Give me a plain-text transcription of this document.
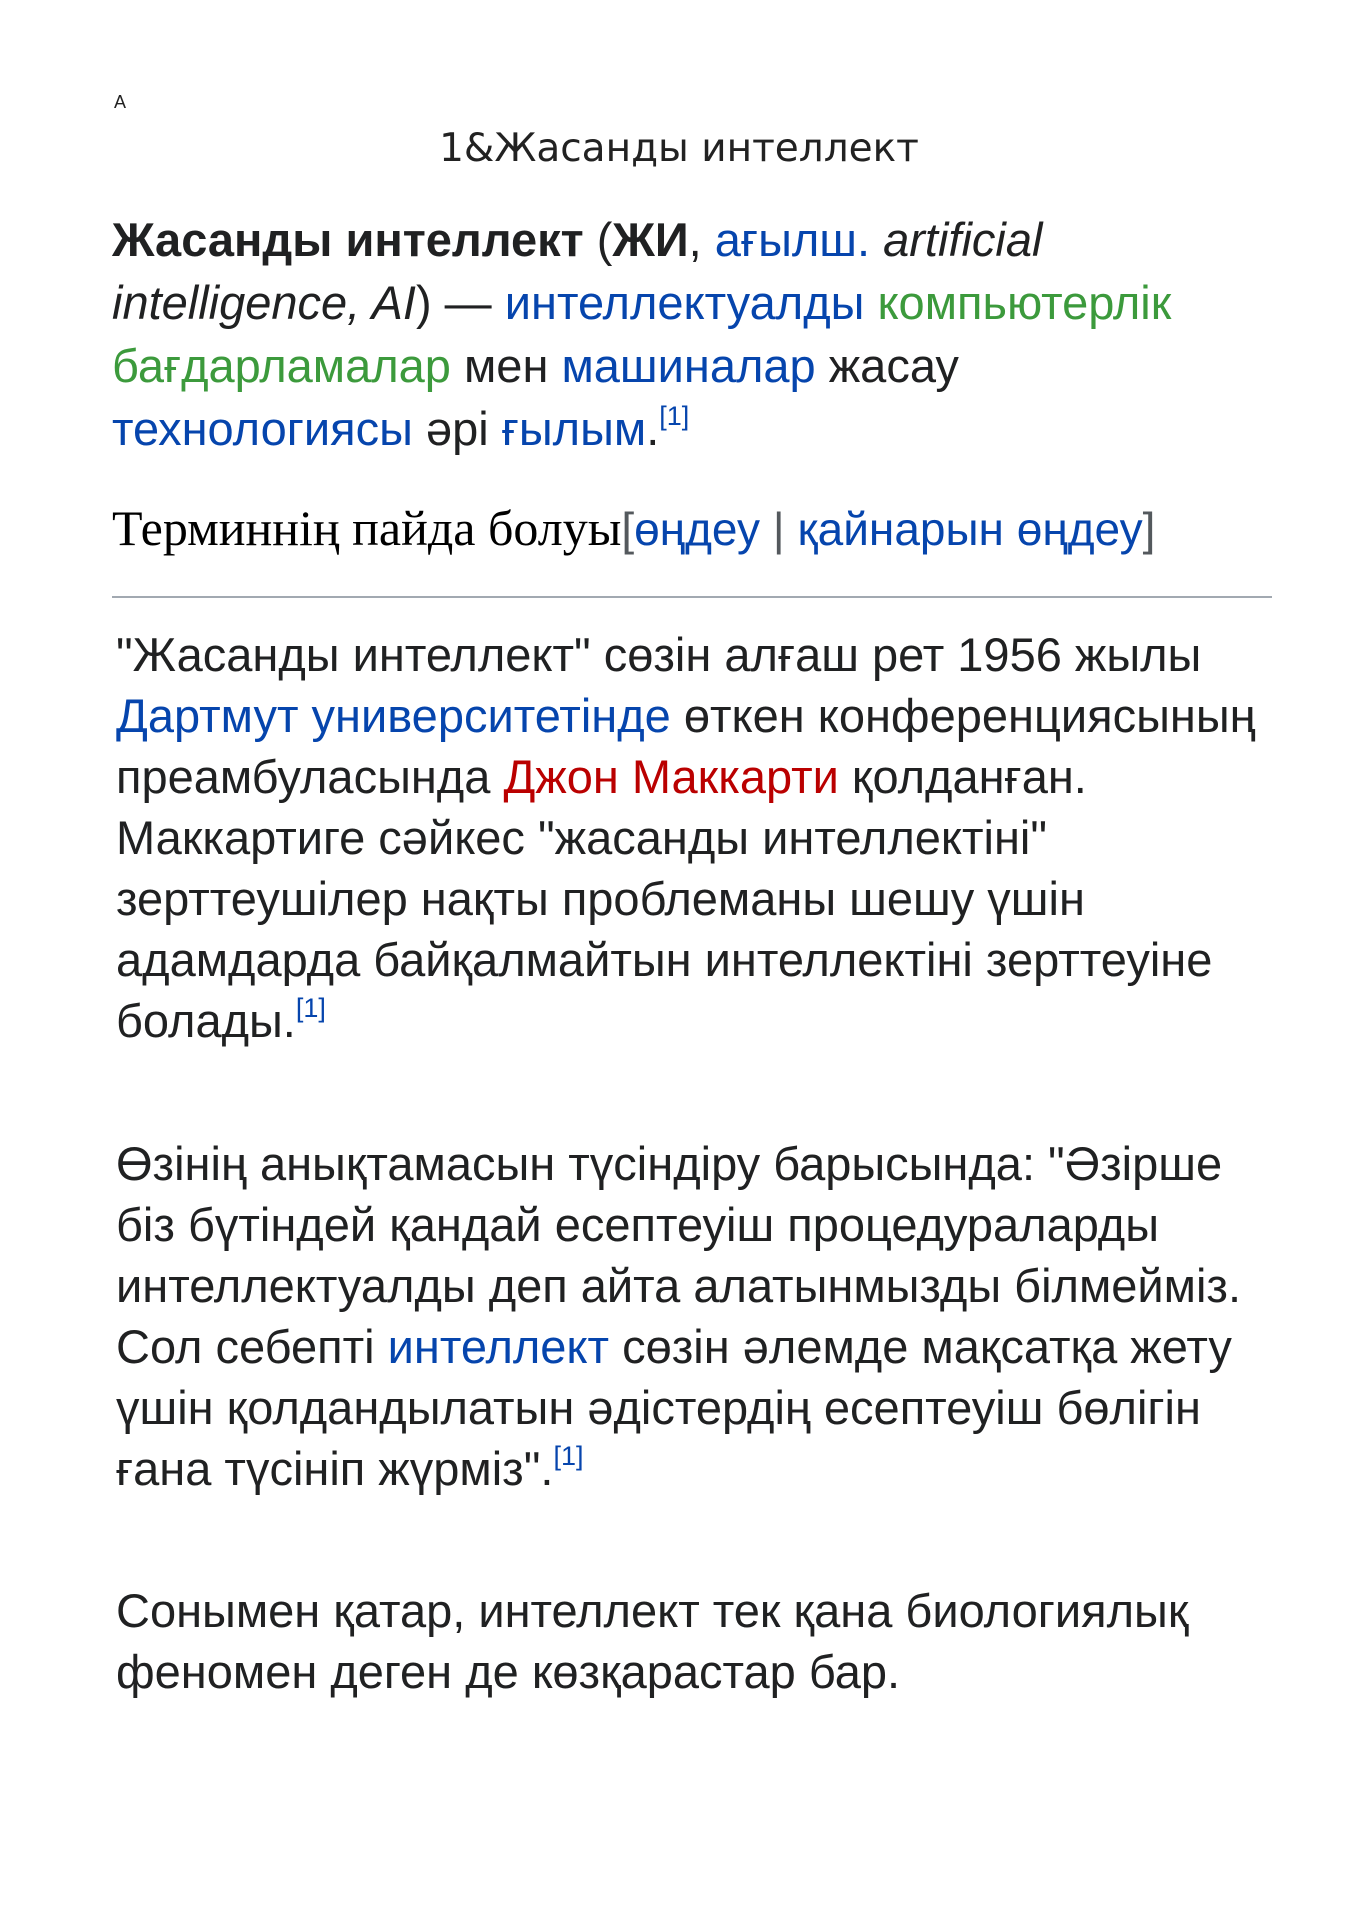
A
1&Жасанды интеллект
Жасанды интеллект (ЖИ, ағылш. artificial intelligence, AI) — интеллектуалды компьютерлік бағдарламалар мен машиналар жасау технологиясы әрі ғылым.[1]
Терминнің пайда болуы[өңдеу | қайнарын өңдеу]

"Жасанды интеллект" сөзін алғаш рет 1956 жылы Дартмут университетінде өткен конференциясының преамбуласында Джон Маккарти қолданған. Маккартиге сәйкес "жасанды интеллектіні" зерттеушілер нақты проблеманы шешу үшін адамдарда байқалмайтын интеллектіні зерттеуіне болады.[1]

Өзінің анықтамасын түсіндіру барысында: "Әзірше біз бүтіндей қандай есептеуіш процедураларды интеллектуалды деп айта алатынмызды білмейміз. Сол себепті интеллект сөзін әлемде мақсатқа жету үшін қолдандылатын әдістердің есептеуіш бөлігін ғана түсініп жүрміз".[1]

Сонымен қатар, интеллект тек қана биологиялық феномен деген де көзқарастар бар.
